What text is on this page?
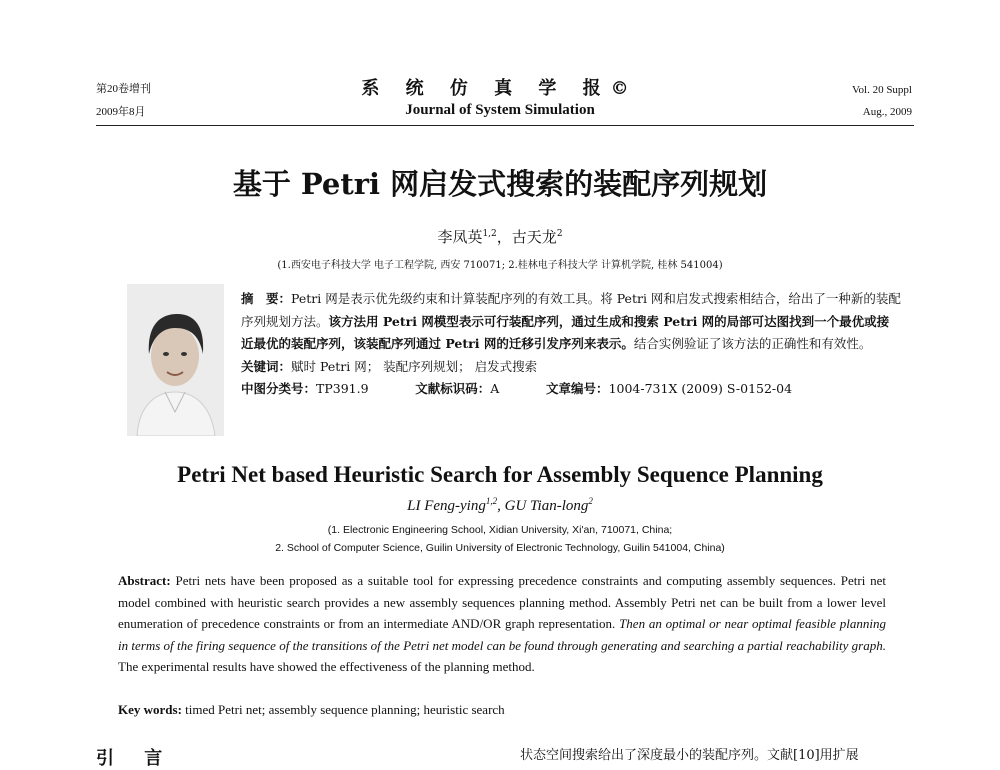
第20卷增刊
2009年8月
系 统 仿 真 学 报©
Journal of System Simulation
Vol. 20 Suppl
Aug., 2009
基于 Petri 网启发式搜索的装配序列规划
李凤英$^{1,2}$，古天龙$^2$
(1.西安电子科技大学 电子工程学院, 西安 710071; 2.桂林电子科技大学 计算机学院, 桂林 541004)

摘　要：Petri 网是表示优先级约束和计算装配序列的有效工具。将 Petri 网和启发式搜索相结合，给出了一种新的装配序列规划方法。该方法用 Petri 网模型表示可行装配序列，通过生成和搜索 Petri 网的局部可达图找到一个最优或接近最优的装配序列，该装配序列通过 Petri 网的迁移引发序列来表示。结合实例验证了该方法的正确性和有效性。

关键词：赋时 Petri 网； 装配序列规划； 启发式搜索

中图分类号：TP391.9	文献标识码：A	文章编号：1004-731X (2009) S-0152-04

Petri Net based Heuristic Search for Assembly Sequence Planning
LI Feng-ying$^{1,2}$, GU Tian-long$^2$
(1. Electronic Engineering School, Xidian University, Xi'an, 710071, China;
2. School of Computer Science, Guilin University of Electronic Technology, Guilin 541004, China)

Abstract: Petri nets have been proposed as a suitable tool for expressing precedence constraints and computing assembly sequences. Petri net model combined with heuristic search provides a new assembly sequences planning method. Assembly Petri net can be built from a lower level enumeration of precedence constraints or from an intermediate AND/OR graph representation. Then an optimal or near optimal feasible planning in terms of the firing sequence of the transitions of the Petri net model can be found through generating and searching a partial reachability graph. The experimental results have showed the effectiveness of the planning method.

Key words: timed Petri net; assembly sequence planning; heuristic search
引 言	状态空间搜索给出了深度最小的装配序列。文献[10]用扩展
